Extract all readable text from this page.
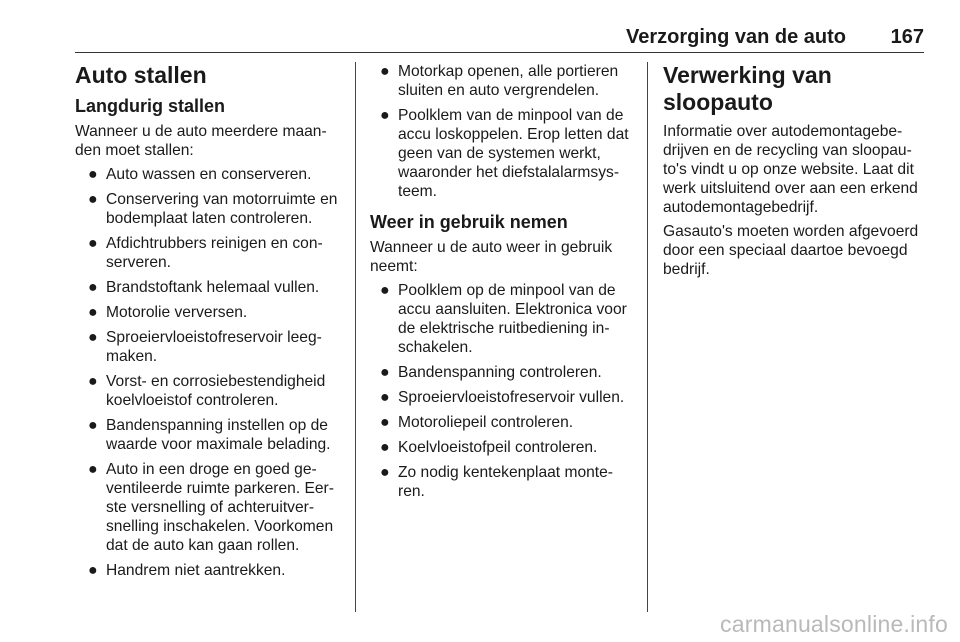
Verzorging van de auto 167
Auto stallen
Langdurig stallen

Wanneer u de auto meerdere maan-den moet stallen:

● Auto wassen en conserveren.
● Conservering van motorruimte en bodemplaat laten controleren.
● Afdichtrubbers reinigen en con-serveren.
● Brandstoftank helemaal vullen.
● Motorolie verversen.
● Sproeiervloeistofreservoir leeg-maken.
● Vorst- en corrosiebestendigheid koelvloeistof controleren.
● Bandenspanning instellen op de waarde voor maximale belading.
● Auto in een droge en goed ge-ventileerde ruimte parkeren. Eer-ste versnelling of achteruitver-snelling inschakelen. Voorkomen dat de auto kan gaan rollen.
● Handrem niet aantrekken.
● Motorkap openen, alle portieren sluiten en auto vergrendelen.
● Poolklem van de minpool van de accu loskoppelen. Erop letten dat geen van de systemen werkt, waaronder het diefstalalarmsys-teem.
Weer in gebruik nemen

Wanneer u de auto weer in gebruik neemt:

● Poolklem op de minpool van de accu aansluiten. Elektronica voor de elektrische ruitbediening in-schakelen.
● Bandenspanning controleren.
● Sproeiervloeistofreservoir vullen.
● Motoroliepeil controleren.
● Koelvloeistofpeil controleren.
● Zo nodig kentekenplaat monte-ren.
Verwerking van sloopauto

Informatie over autodemontagebe-drijven en de recycling van sloopau-to's vindt u op onze website. Laat dit werk uitsluitend over aan een erkend autodemontagebedrijf.

Gasauto's moeten worden afgevoerd door een speciaal daartoe bevoegd bedrijf.

carmanualsonline.info
